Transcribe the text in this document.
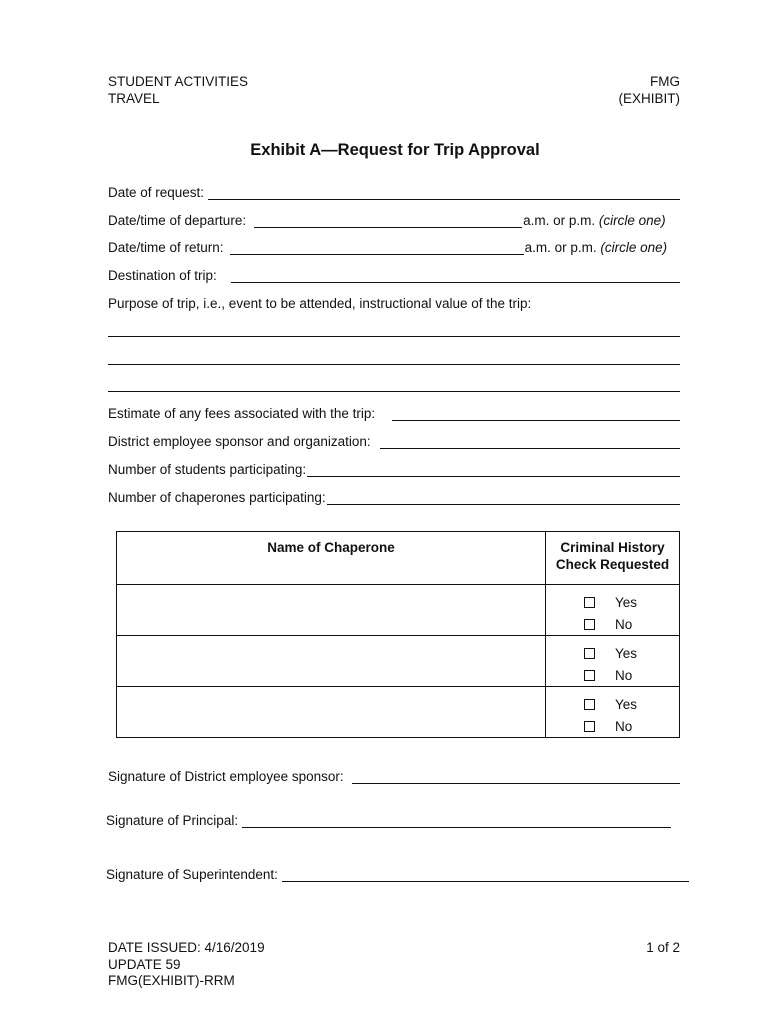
STUDENT ACTIVITIES
TRAVEL
FMG
(EXHIBIT)
Exhibit A—Request for Trip Approval
Date of request:
Date/time of departure:	a.m. or p.m. (circle one)
Date/time of return:	a.m. or p.m. (circle one)
Destination of trip:
Purpose of trip, i.e., event to be attended, instructional value of the trip:
Estimate of any fees associated with the trip:
District employee sponsor and organization:
Number of students participating:
Number of chaperones participating:
Name of Chaperone	Criminal History
Check Requested

	Yes
No

	Yes
No

	Yes
No
Signature of District employee sponsor:
Signature of Principal:
Signature of Superintendent:
DATE ISSUED: 4/16/2019
UPDATE 59
FMG(EXHIBIT)-RRM
1 of 2
